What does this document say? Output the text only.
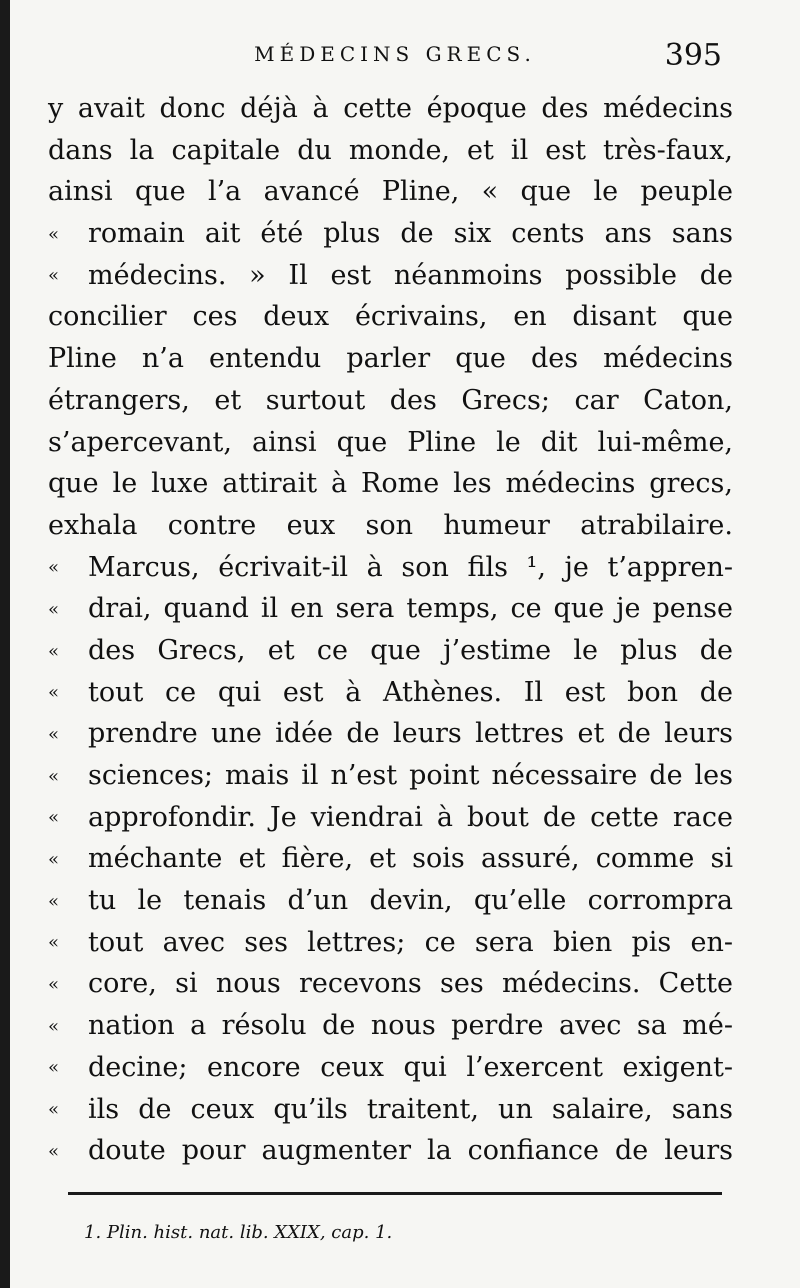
MÉDECINS GRECS.	395
y avait donc déjà à cette époque des médecins
dans la capitale du monde, et il est très-faux,
ainsi que l’a avancé Pline, « que le peuple
« romain ait été plus de six cents ans sans
« médecins. » Il est néanmoins possible de
concilier ces deux écrivains, en disant que
Pline n’a entendu parler que des médecins
étrangers, et surtout des Grecs; car Caton,
s’apercevant, ainsi que Pline le dit lui-même,
que le luxe attirait à Rome les médecins grecs,
exhala contre eux son humeur atrabilaire.
« Marcus, écrivait-il à son fils ¹, je t’appren-
« drai, quand il en sera temps, ce que je pense
« des Grecs, et ce que j’estime le plus de
« tout ce qui est à Athènes. Il est bon de
« prendre une idée de leurs lettres et de leurs
« sciences; mais il n’est point nécessaire de les
« approfondir. Je viendrai à bout de cette race
« méchante et fière, et sois assuré, comme si
« tu le tenais d’un devin, qu’elle corrompra
« tout avec ses lettres; ce sera bien pis en-
« core, si nous recevons ses médecins. Cette
« nation a résolu de nous perdre avec sa mé-
« decine; encore ceux qui l’exercent exigent-
« ils de ceux qu’ils traitent, un salaire, sans
« doute pour augmenter la confiance de leurs
1. Plin. hist. nat. lib. XXIX, cap. 1.
